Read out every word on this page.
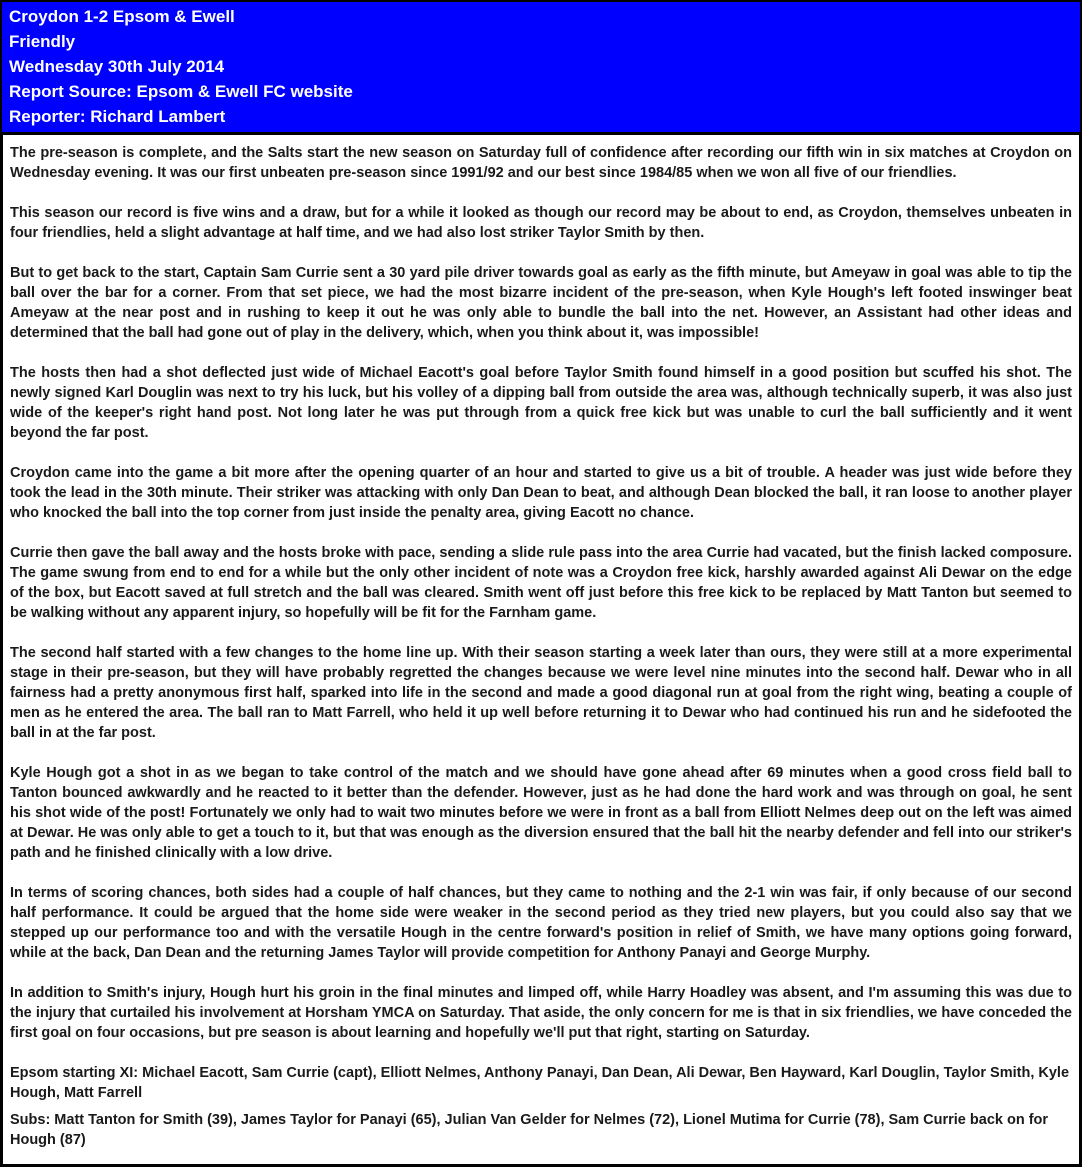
Croydon 1-2 Epsom & Ewell
Friendly
Wednesday 30th July 2014
Report Source: Epsom & Ewell FC website
Reporter: Richard Lambert

The pre-season is complete, and the Salts start the new season on Saturday full of confidence after recording our fifth win in six matches at Croydon on Wednesday evening. It was our first unbeaten pre-season since 1991/92 and our best since 1984/85 when we won all five of our friendlies.

This season our record is five wins and a draw, but for a while it looked as though our record may be about to end, as Croydon, themselves unbeaten in four friendlies, held a slight advantage at half time, and we had also lost striker Taylor Smith by then.

But to get back to the start, Captain Sam Currie sent a 30 yard pile driver towards goal as early as the fifth minute, but Ameyaw in goal was able to tip the ball over the bar for a corner. From that set piece, we had the most bizarre incident of the pre-season, when Kyle Hough's left footed inswinger beat Ameyaw at the near post and in rushing to keep it out he was only able to bundle the ball into the net. However, an Assistant had other ideas and determined that the ball had gone out of play in the delivery, which, when you think about it, was impossible!

The hosts then had a shot deflected just wide of Michael Eacott's goal before Taylor Smith found himself in a good position but scuffed his shot. The newly signed Karl Douglin was next to try his luck, but his volley of a dipping ball from outside the area was, although technically superb, it was also just wide of the keeper's right hand post. Not long later he was put through from a quick free kick but was unable to curl the ball sufficiently and it went beyond the far post.

Croydon came into the game a bit more after the opening quarter of an hour and started to give us a bit of trouble. A header was just wide before they took the lead in the 30th minute. Their striker was attacking with only Dan Dean to beat, and although Dean blocked the ball, it ran loose to another player who knocked the ball into the top corner from just inside the penalty area, giving Eacott no chance.

Currie then gave the ball away and the hosts broke with pace, sending a slide rule pass into the area Currie had vacated, but the finish lacked composure. The game swung from end to end for a while but the only other incident of note was a Croydon free kick, harshly awarded against Ali Dewar on the edge of the box, but Eacott saved at full stretch and the ball was cleared. Smith went off just before this free kick to be replaced by Matt Tanton but seemed to be walking without any apparent injury, so hopefully will be fit for the Farnham game.

The second half started with a few changes to the home line up. With their season starting a week later than ours, they were still at a more experimental stage in their pre-season, but they will have probably regretted the changes because we were level nine minutes into the second half. Dewar who in all fairness had a pretty anonymous first half, sparked into life in the second and made a good diagonal run at goal from the right wing, beating a couple of men as he entered the area. The ball ran to Matt Farrell, who held it up well before returning it to Dewar who had continued his run and he sidefooted the ball in at the far post.

Kyle Hough got a shot in as we began to take control of the match and we should have gone ahead after 69 minutes when a good cross field ball to Tanton bounced awkwardly and he reacted to it better than the defender. However, just as he had done the hard work and was through on goal, he sent his shot wide of the post! Fortunately we only had to wait two minutes before we were in front as a ball from Elliott Nelmes deep out on the left was aimed at Dewar. He was only able to get a touch to it, but that was enough as the diversion ensured that the ball hit the nearby defender and fell into our striker's path and he finished clinically with a low drive.

In terms of scoring chances, both sides had a couple of half chances, but they came to nothing and the 2-1 win was fair, if only because of our second half performance. It could be argued that the home side were weaker in the second period as they tried new players, but you could also say that we stepped up our performance too and with the versatile Hough in the centre forward's position in relief of Smith, we have many options going forward, while at the back, Dan Dean and the returning James Taylor will provide competition for Anthony Panayi and George Murphy.

In addition to Smith's injury, Hough hurt his groin in the final minutes and limped off, while Harry Hoadley was absent, and I'm assuming this was due to the injury that curtailed his involvement at Horsham YMCA on Saturday. That aside, the only concern for me is that in six friendlies, we have conceded the first goal on four occasions, but pre season is about learning and hopefully we'll put that right, starting on Saturday.

Epsom starting XI: Michael Eacott, Sam Currie (capt), Elliott Nelmes, Anthony Panayi, Dan Dean, Ali Dewar, Ben Hayward, Karl Douglin, Taylor Smith, Kyle Hough, Matt Farrell

Subs: Matt Tanton for Smith (39), James Taylor for Panayi (65), Julian Van Gelder for Nelmes (72), Lionel Mutima for Currie (78), Sam Currie back on for Hough (87)
